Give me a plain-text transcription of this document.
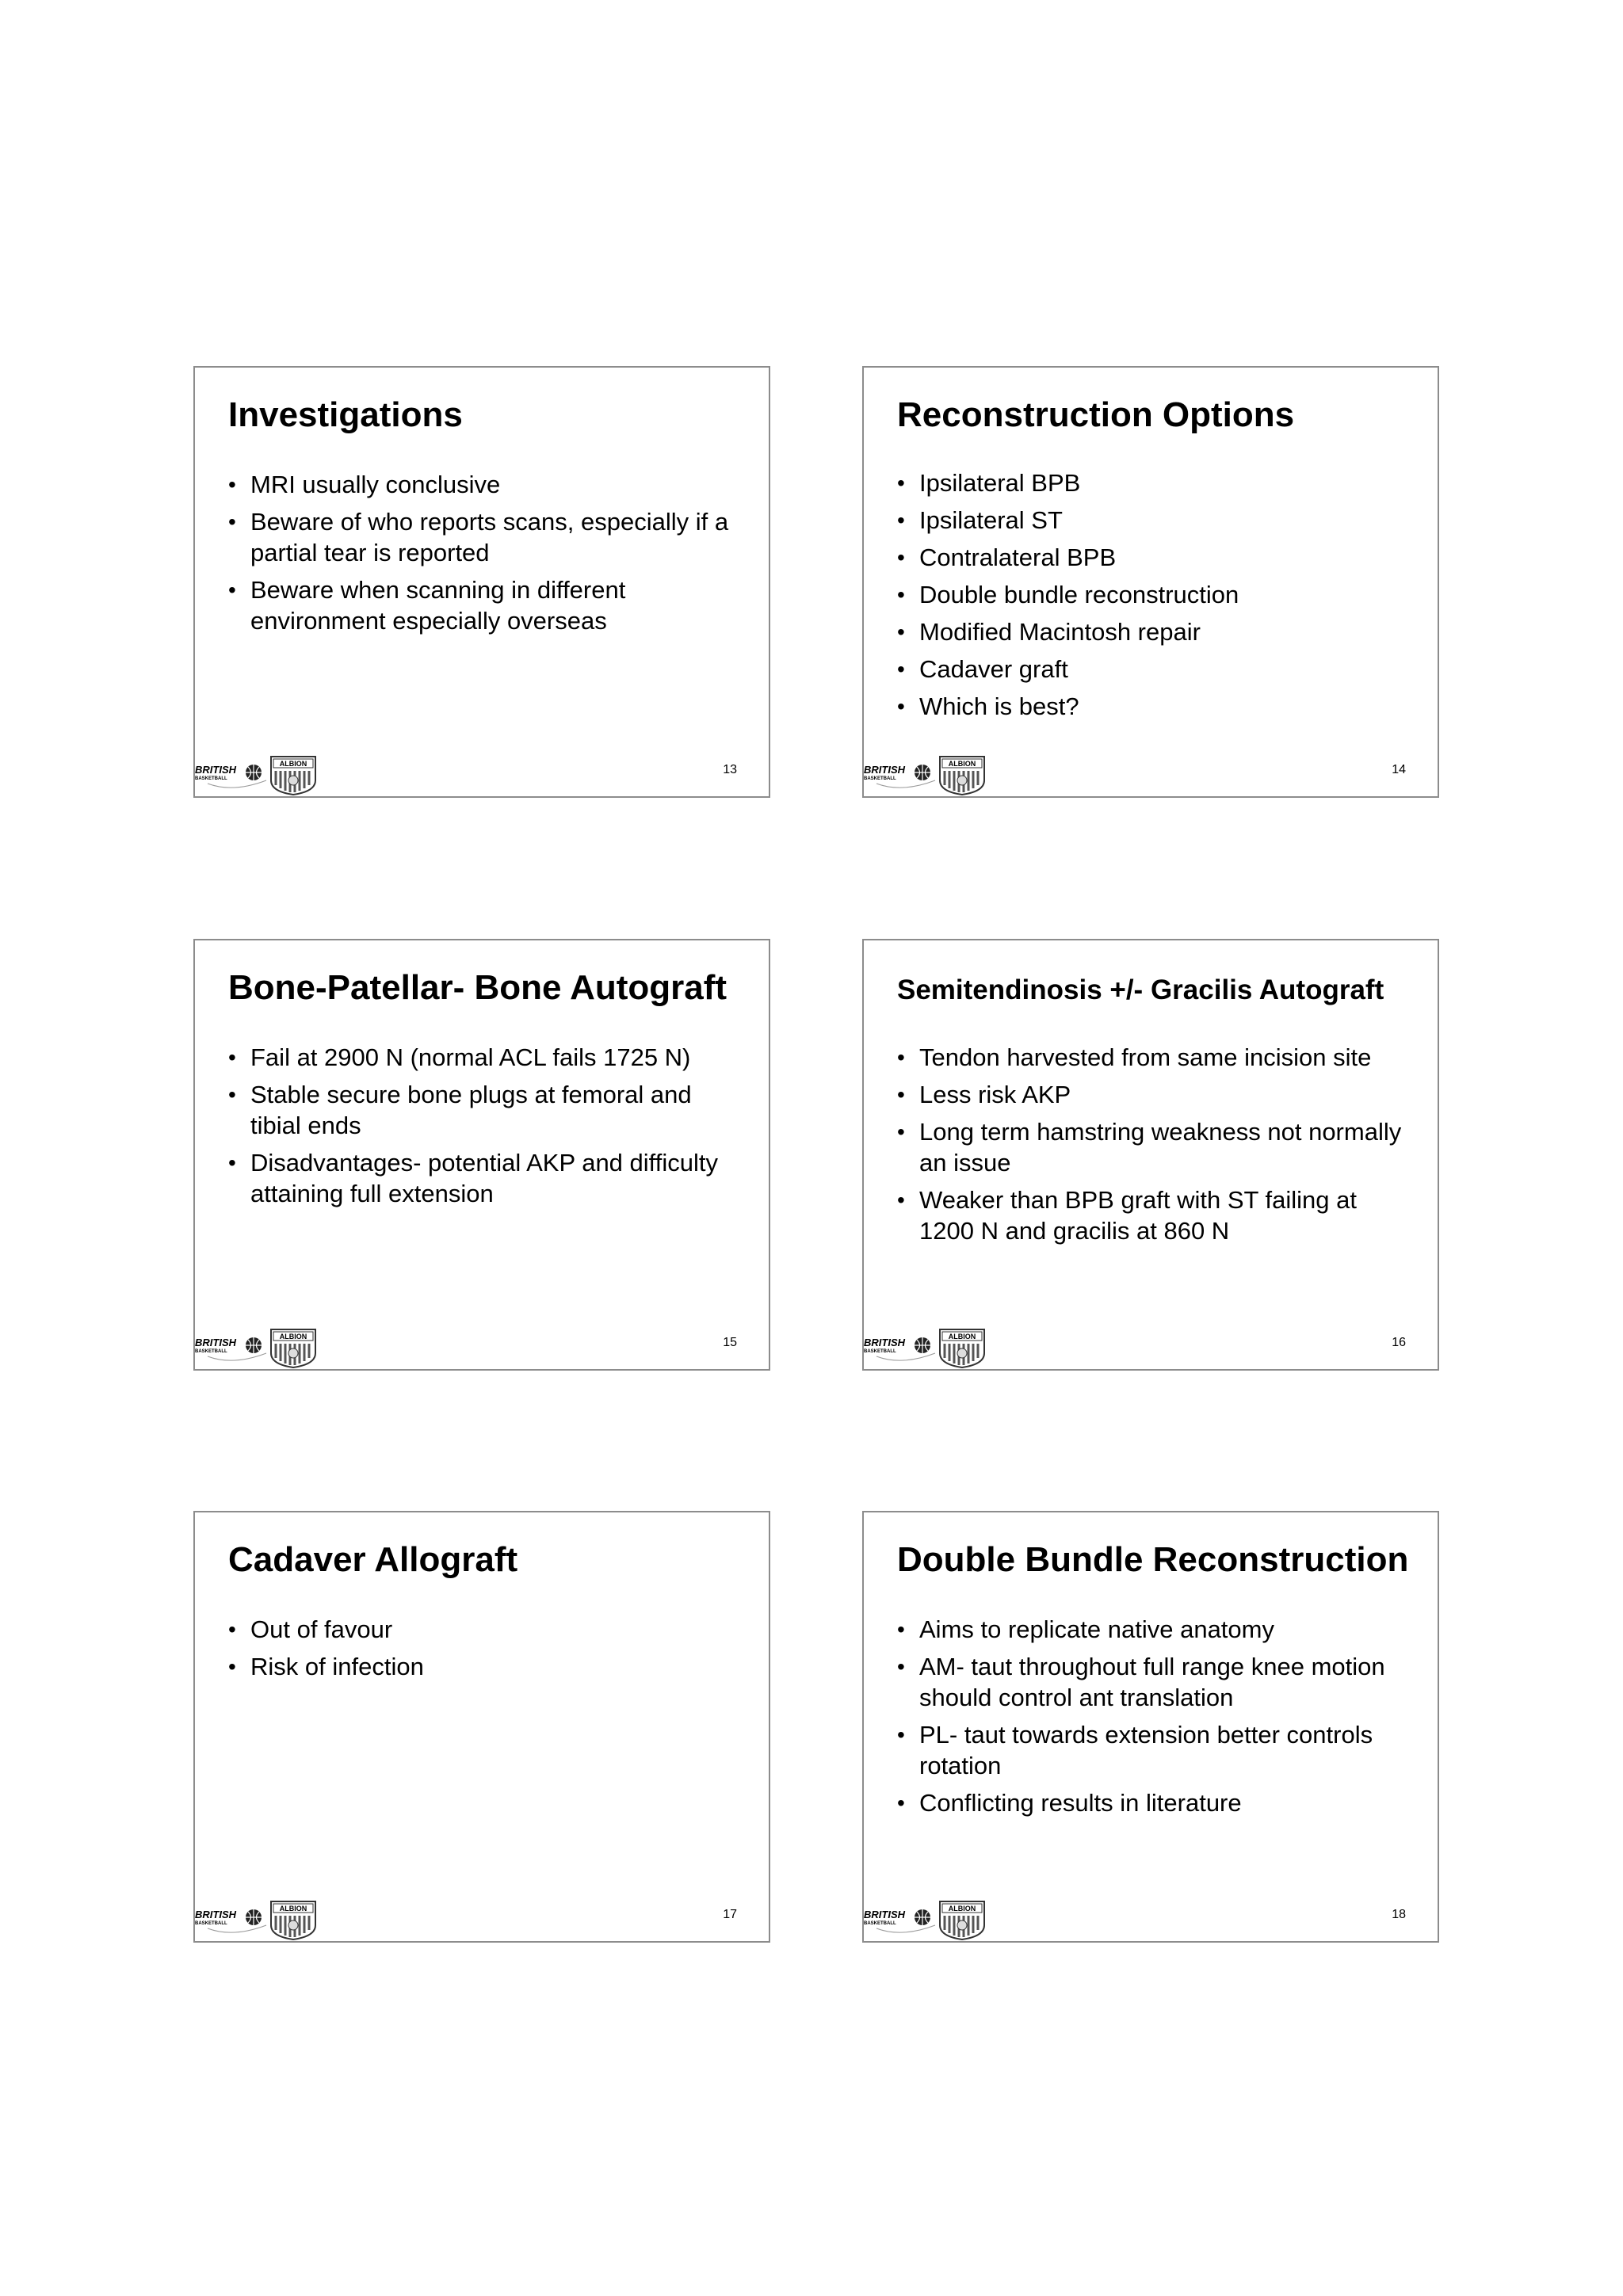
Investigations
• MRI usually conclusive
• Beware of who reports scans, especially if a partial tear is reported
• Beware when scanning in different environment especially overseas
BRITISH
BASKETBALL
ALBION	13
Reconstruction Options
• Ipsilateral BPB
• Ipsilateral ST
• Contralateral BPB
• Double bundle reconstruction
• Modified Macintosh repair
• Cadaver graft
• Which is best?
BRITISH
BASKETBALL
ALBION	14
Bone-Patellar- Bone Autograft
• Fail at 2900 N (normal ACL fails 1725 N)
• Stable secure bone plugs at femoral and tibial ends
• Disadvantages- potential AKP and difficulty attaining full extension
BRITISH
BASKETBALL
ALBION	15
Semitendinosis +/- Gracilis Autograft
• Tendon harvested from same incision site
• Less risk AKP
• Long term hamstring weakness not normally an issue
• Weaker than BPB graft with ST failing at 1200 N and gracilis at 860 N
BRITISH
BASKETBALL
ALBION	16
Cadaver Allograft
• Out of favour
• Risk of infection
BRITISH
BASKETBALL
ALBION	17
Double Bundle Reconstruction
• Aims to replicate native anatomy
• AM- taut throughout full range knee motion should control ant translation
• PL- taut towards extension better controls rotation
• Conflicting results in literature
BRITISH
BASKETBALL
ALBION	18
